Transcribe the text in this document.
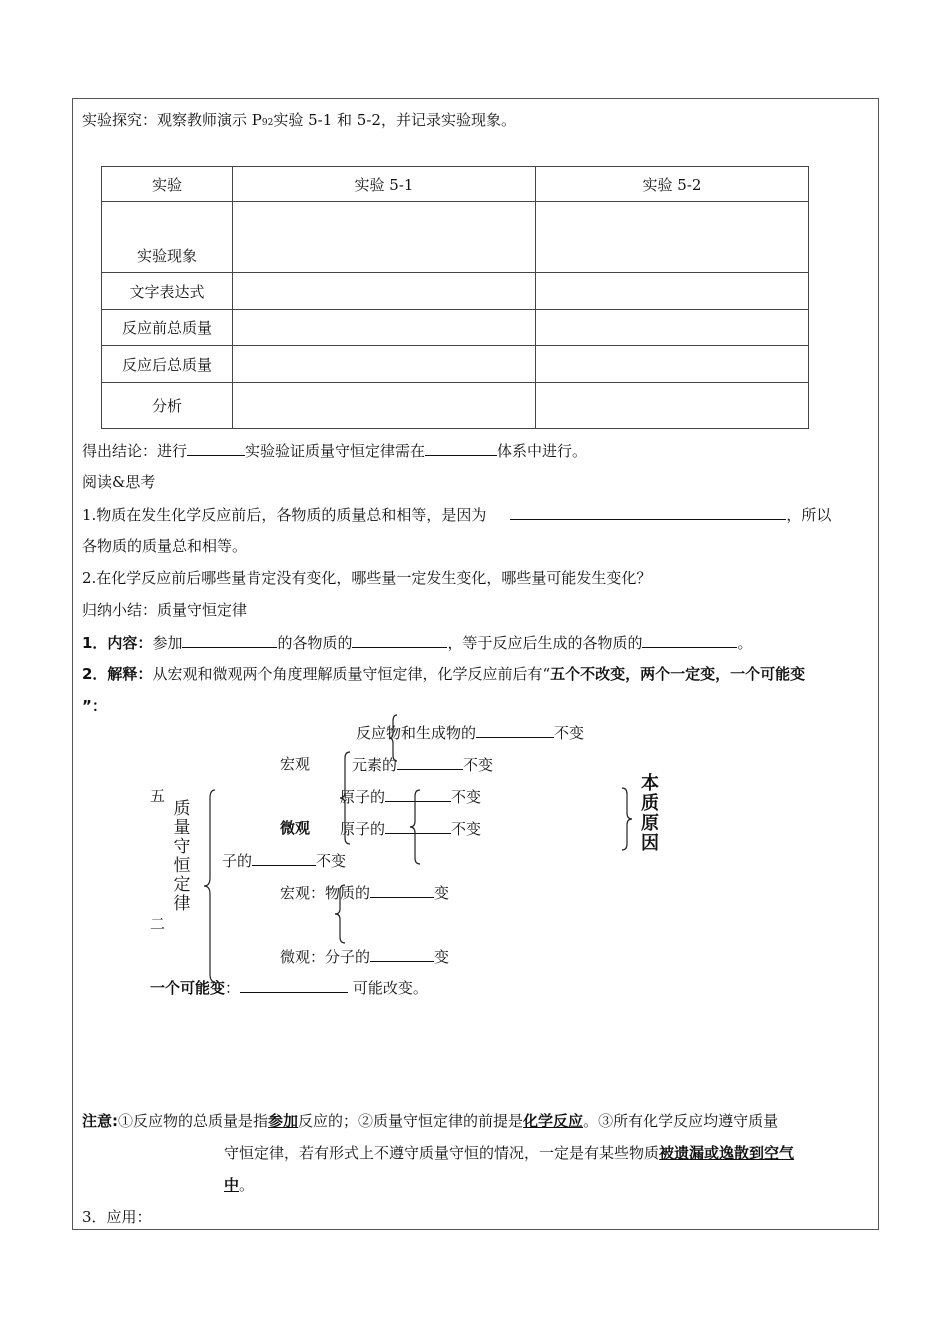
实验探究：观察教师演示 P92实验 5-1 和 5-2，并记录实验现象。
实验	实验 5-1	实验 5-2
实验现象		
文字表达式		
反应前总质量		
反应后总质量		
分析		
得出结论：进行	实验验证质量守恒定律需在	体系中进行。
阅读&思考
1.物质在发生化学反应前后，各物质的质量总和相等，是因为	，所以
各物质的质量总和相等。
2.在化学反应前后哪些量肯定没有变化，哪些量一定发生变化，哪些量可能发生变化？
归纳小结：质量守恒定律
1．内容：参加	的各物质的	，等于反应后生成的各物质的	。
2．解释：从宏观和微观两个角度理解质量守恒定律，化学反应前后有“五个不改变，两个一定变，一个可能变
”：
反应物和生成物的	不变
宏观	元素的	不变
五	原子的	不变
微观 原子的	不变
子的	不变
宏观：物质的	变
二
微观：分子的	变
一个可能变：	可能改变。
质量守恒定律
本质原因
注意:①反应物的总质量是指参加反应的；②质量守恒定律的前提是化学反应。③所有化学反应均遵守质量
守恒定律，若有形式上不遵守质量守恒的情况，一定是有某些物质被遗漏或逸散到空气
中。
3．应用：
